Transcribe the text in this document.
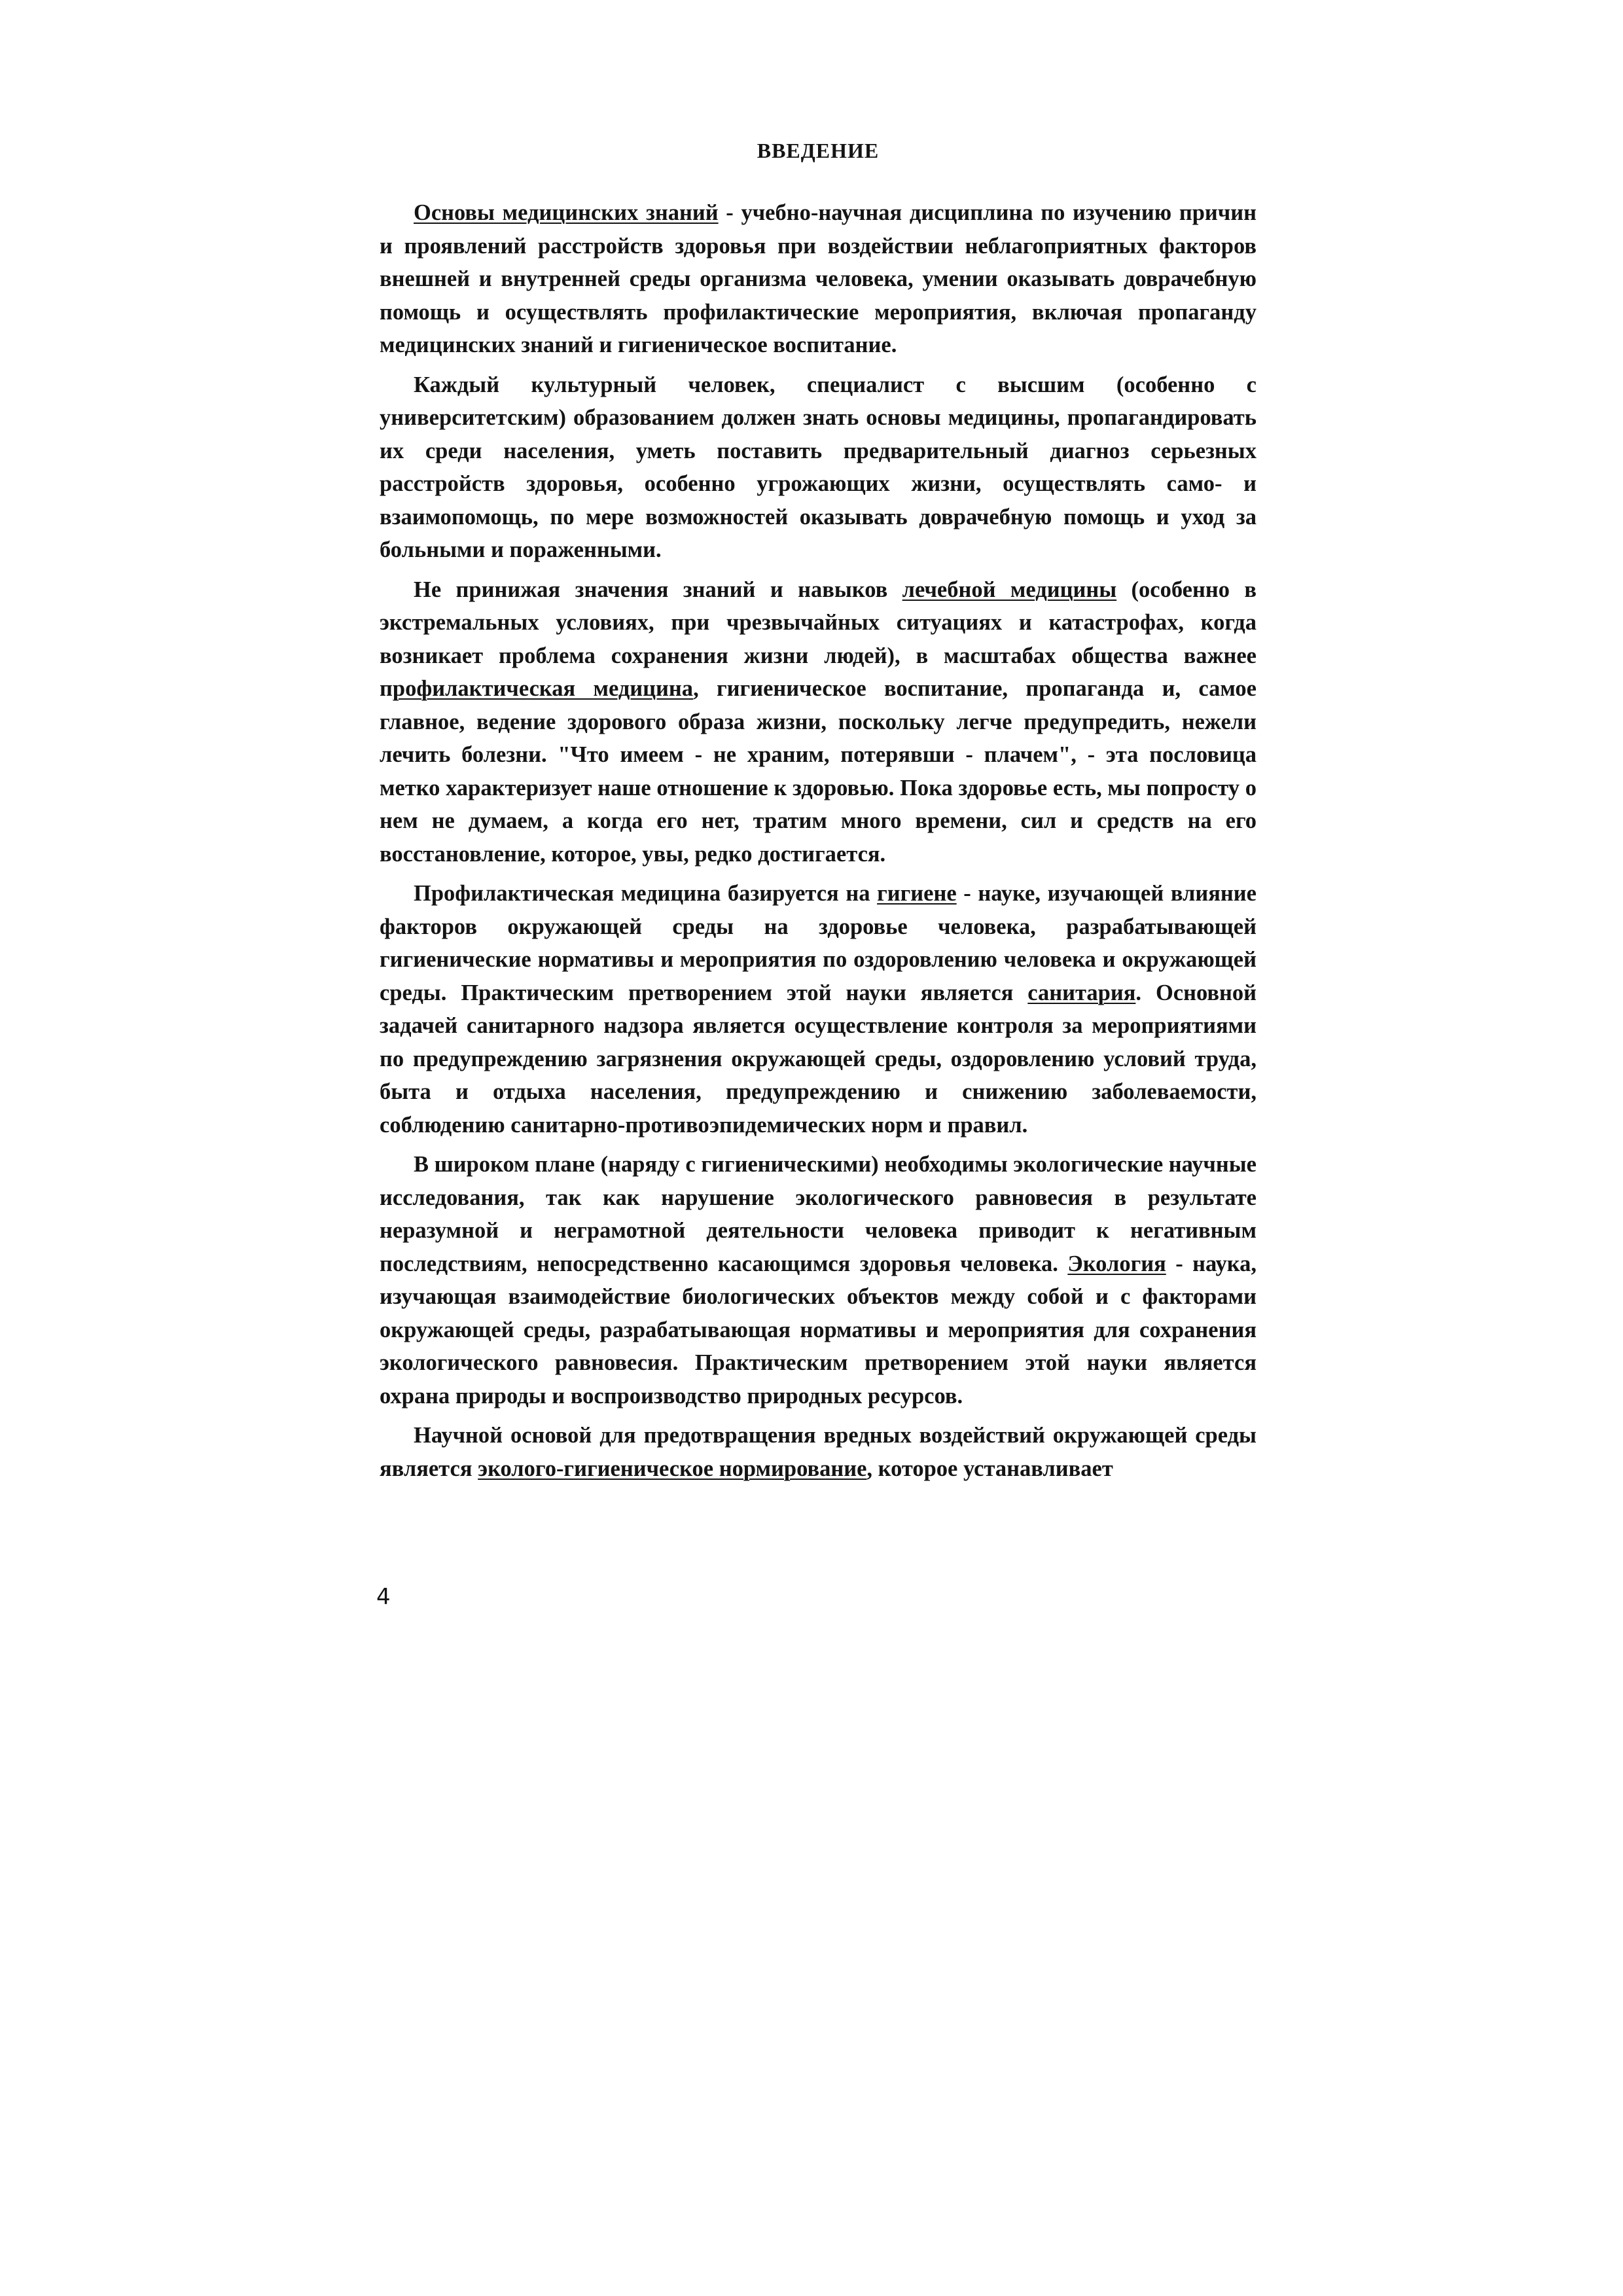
ВВЕДЕНИЕ

Основы медицинских знаний - учебно-научная дисциплина по изучению причин и проявлений расстройств здоровья при воздействии неблагоприятных факторов внешней и внутренней среды организма человека, умении оказывать доврачебную помощь и осуществлять профилактические мероприятия, включая пропаганду медицинских знаний и гигиеническое воспитание.

Каждый культурный человек, специалист с высшим (особенно с университетским) образованием должен знать основы медицины, пропагандировать их среди населения, уметь поставить предварительный диагноз серьезных расстройств здоровья, особенно угрожающих жизни, осуществлять само- и взаимопомощь, по мере возможностей оказывать доврачебную помощь и уход за больными и пораженными.

Не принижая значения знаний и навыков лечебной медицины (особенно в экстремальных условиях, при чрезвычайных ситуациях и катастрофах, когда возникает проблема сохранения жизни людей), в масштабах общества важнее профилактическая медицина, гигиеническое воспитание, пропаганда и, самое главное, ведение здорового образа жизни, поскольку легче предупредить, нежели лечить болезни. "Что имеем - не храним, потерявши - плачем", - эта пословица метко характеризует наше отношение к здоровью. Пока здоровье есть, мы попросту о нем не думаем, а когда его нет, тратим много времени, сил и средств на его восстановление, которое, увы, редко достигается.

Профилактическая медицина базируется на гигиене - науке, изучающей влияние факторов окружающей среды на здоровье человека, разрабатывающей гигиенические нормативы и мероприятия по оздоровлению человека и окружающей среды. Практическим претворением этой науки является санитария. Основной задачей санитарного надзора является осуществление контроля за мероприятиями по предупреждению загрязнения окружающей среды, оздоровлению условий труда, быта и отдыха населения, предупреждению и снижению заболеваемости, соблюдению санитарно-противоэпидемических норм и правил.

В широком плане (наряду с гигиеническими) необходимы экологические научные исследования, так как нарушение экологического равновесия в результате неразумной и неграмотной деятельности человека приводит к негативным последствиям, непосредственно касающимся здоровья человека. Экология - наука, изучающая взаимодействие биологических объектов между собой и с факторами окружающей среды, разрабатывающая нормативы и мероприятия для сохранения экологического равновесия. Практическим претворением этой науки является охрана природы и воспроизводство природных ресурсов.

Научной основой для предотвращения вредных воздействий окружающей среды является эколого-гигиеническое нормирование, которое устанавливает

4
